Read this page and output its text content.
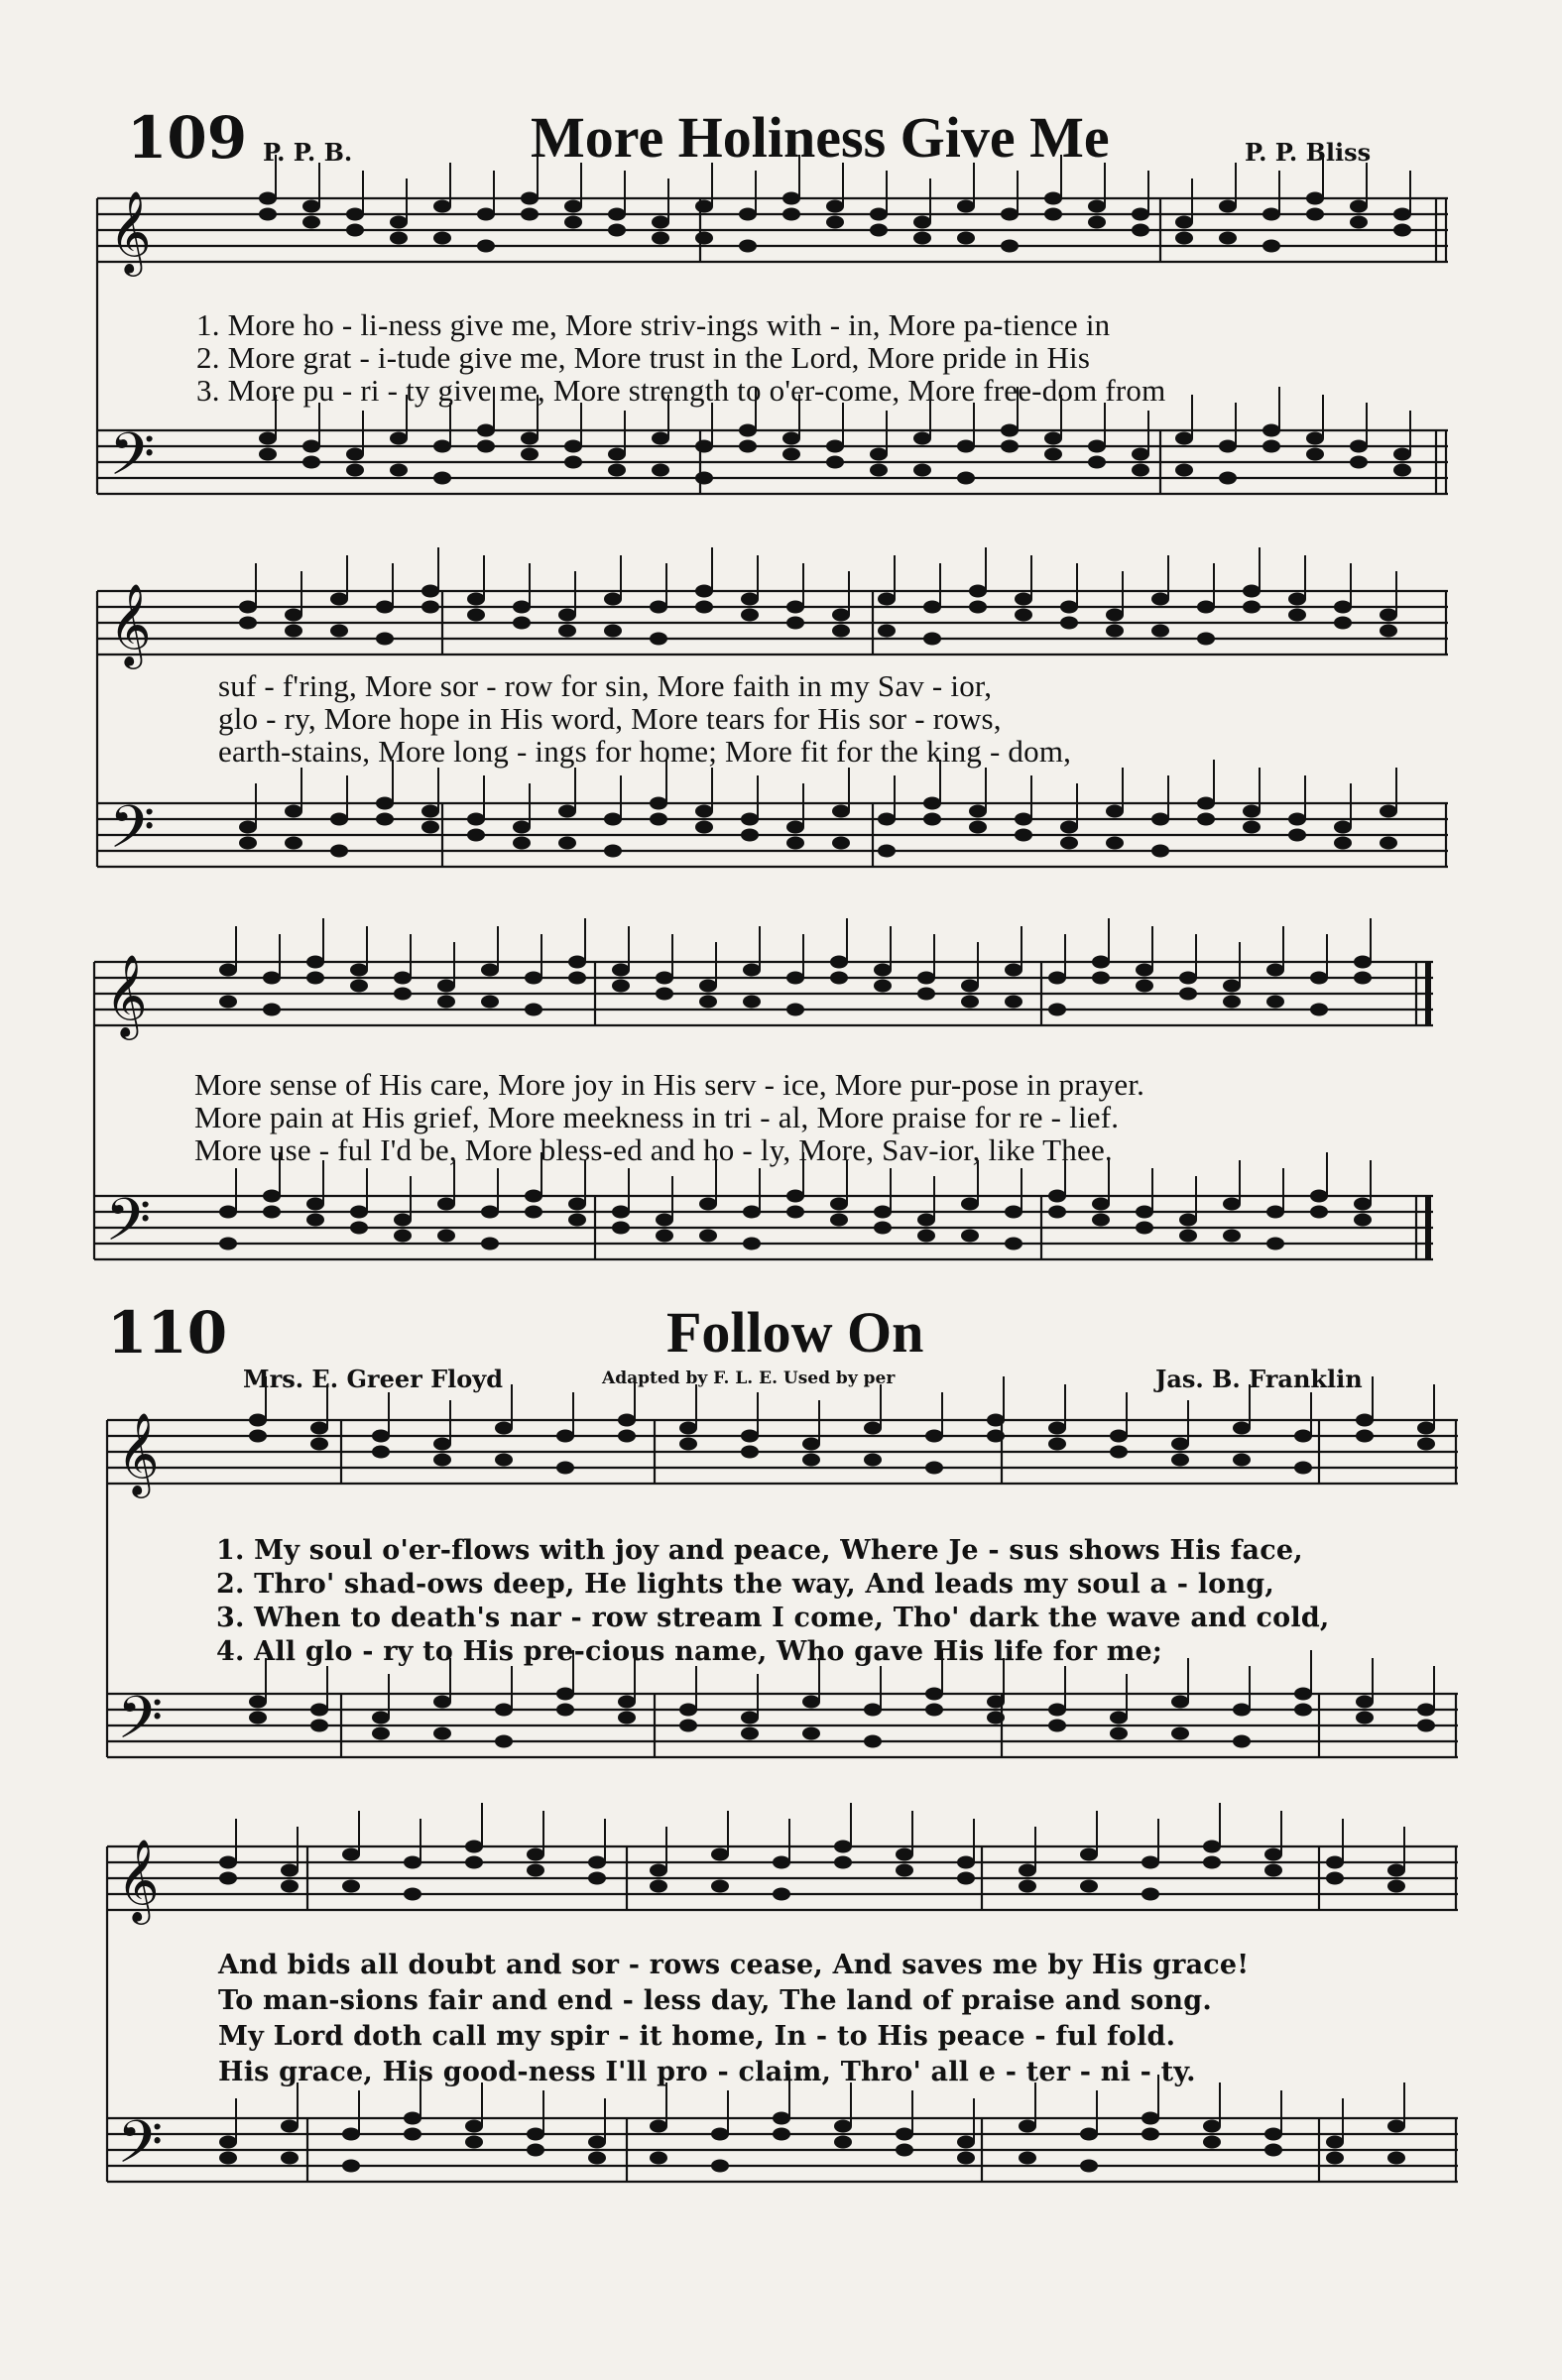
109 P. P. B.	More Holiness Give Me	P. P. Bliss
110	Follow On
Mrs. E. Greer Floyd	Adapted by F. L. E. Used by per	Jas. B. Franklin
1. More ho - li-ness give me, More striv-ings with - in, More pa-tience in
2. More grat - i-tude give me, More trust in the Lord, More pride in His
3. More pu - ri - ty give me, More strength to o'er-come, More free-dom from
suf - f'ring, More sor - row for sin, More faith in my Sav - ior,
glo - ry, More hope in His word, More tears for His sor - rows,
earth-stains, More long - ings for home; More fit for the king - dom,
More sense of His care, More joy in His serv - ice, More pur-pose in prayer.
More pain at His grief, More meekness in tri - al, More praise for re - lief.
More use - ful I'd be, More bless-ed and ho - ly, More, Sav-ior, like Thee.
1. My soul o'er-flows with joy and peace, Where Je - sus shows His face,
2. Thro' shad-ows deep, He lights the way, And leads my soul a - long,
3. When to death's nar - row stream I come, Tho' dark the wave and cold,
4. All glo - ry to His pre-cious name, Who gave His life for me;
And bids all doubt and sor - rows cease, And saves me by His grace!
To man-sions fair and end - less day, The land of praise and song.
My Lord doth call my spir - it home, In - to His peace - ful fold.
His grace, His good-ness I'll pro - claim, Thro' all e - ter - ni - ty.
𝄞
𝄢
𝄞
𝄢
𝄞
𝄢
𝄞
𝄢
𝄞
𝄢
